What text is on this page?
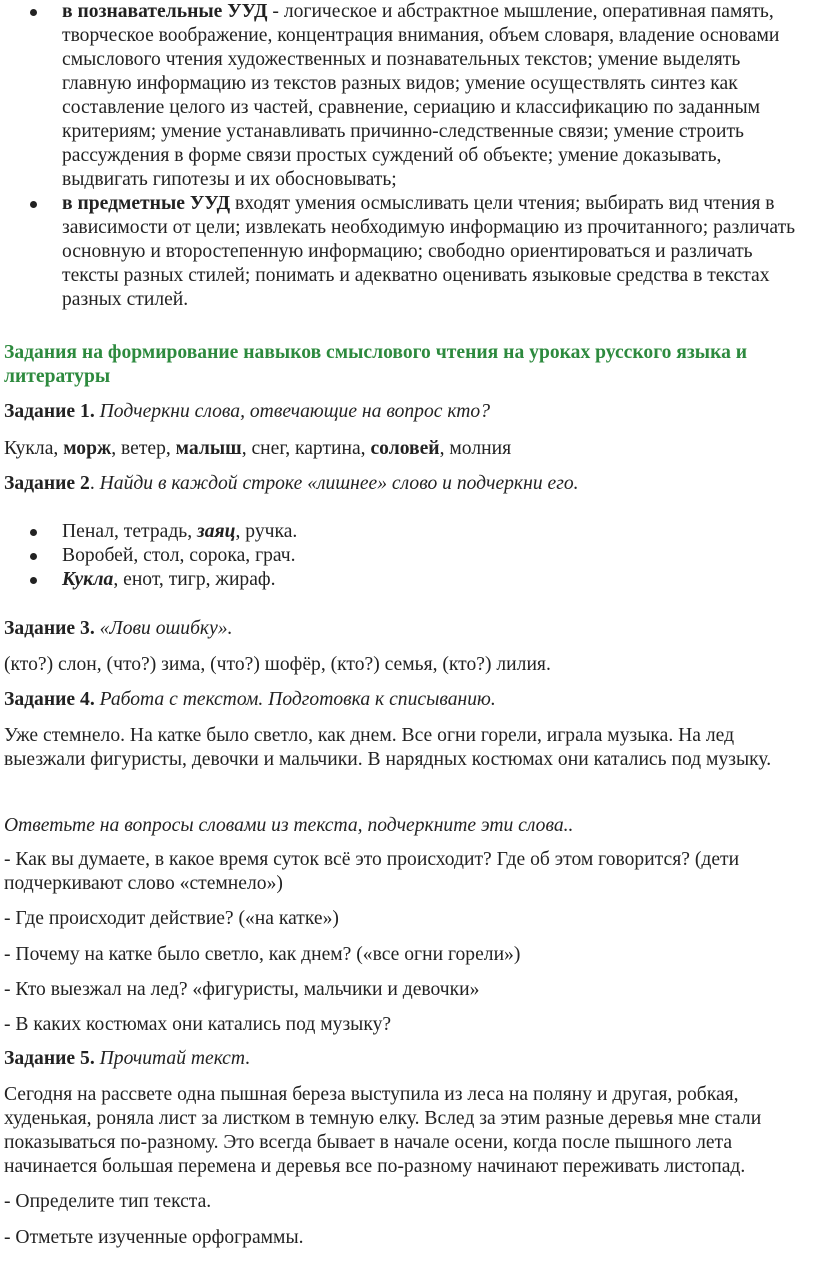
в познавательные УУД - логическое и абстрактное мышление, оперативная память, творческое воображение, концентрация внимания, объем словаря, владение основами смыслового чтения художественных и познавательных текстов; умение выделять главную информацию из текстов разных видов; умение осуществлять синтез как составление целого из частей, сравнение, сериацию и классификацию по заданным критериям; умение устанавливать причинно-следственные связи; умение строить рассуждения в форме связи простых суждений об объекте; умение доказывать, выдвигать гипотезы и их обосновывать;
в предметные УУД входят умения осмысливать цели чтения; выбирать вид чтения в зависимости от цели; извлекать необходимую информацию из прочитанного; различать основную и второстепенную информацию; свободно ориентироваться и различать тексты разных стилей; понимать и адекватно оценивать языковые средства в текстах разных стилей.
Задания на формирование навыков смыслового чтения на уроках русского языка и литературы

Задание 1. Подчеркни слова, отвечающие на вопрос кто?

Кукла, морж, ветер, малыш, снег, картина, соловей, молния

Задание 2. Найди в каждой строке «лишнее» слово и подчеркни его.

Пенал, тетрадь, заяц, ручка.
Воробей, стол, сорока, грач.
Кукла, енот, тигр, жираф.

Задание 3. «Лови ошибку».

(кто?) слон, (что?) зима, (что?) шофёр, (кто?) семья, (кто?) лилия.

Задание 4. Работа с текстом. Подготовка к списыванию.

Уже стемнело. На катке было светло, как днем. Все огни горели, играла музыка. На лед выезжали фигуристы, девочки и мальчики. В нарядных костюмах они катались под музыку.

Ответьте на вопросы словами из текста, подчеркните эти слова..

- Как вы думаете, в какое время суток всё это происходит? Где об этом говорится? (дети подчеркивают слово «стемнело»)

- Где происходит действие? («на катке»)

- Почему на катке было светло, как днем? («все огни горели»)

- Кто выезжал на лед? «фигуристы, мальчики и девочки»

- В каких костюмах они катались под музыку?

Задание 5. Прочитай текст.

Сегодня на рассвете одна пышная береза выступила из леса на поляну и другая, робкая, худенькая, роняла лист за листком в темную елку. Вслед за этим разные деревья мне стали показываться по-разному. Это всегда бывает в начале осени, когда после пышного лета начинается большая перемена и деревья все по-разному начинают переживать листопад.

- Определите тип текста.

- Отметьте изученные орфограммы.
